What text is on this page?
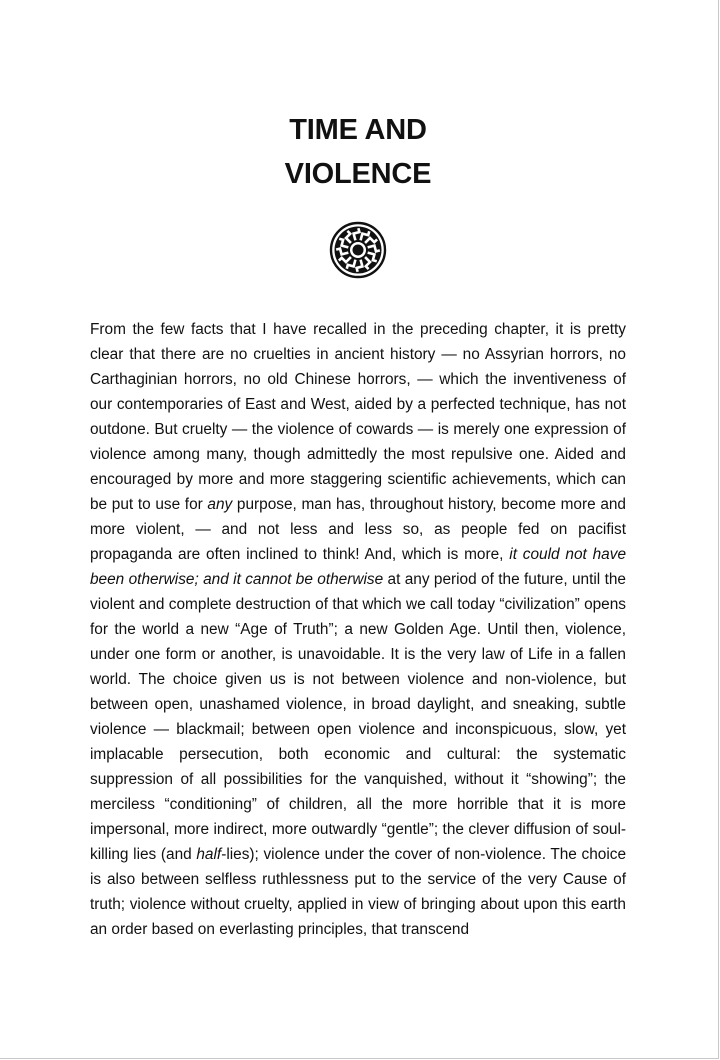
TIME AND
VIOLENCE

From the few facts that I have recalled in the preceding chapter, it is pretty clear that there are no cruelties in ancient history — no Assyrian horrors, no Carthaginian horrors, no old Chinese horrors, — which the inventiveness of our contemporaries of East and West, aided by a perfected technique, has not outdone. But cruelty — the violence of cowards — is merely one expression of violence among many, though admittedly the most repulsive one. Aided and encouraged by more and more staggering scientific achievements, which can be put to use for any purpose, man has, throughout history, become more and more violent, — and not less and less so, as people fed on pacifist propaganda are often inclined to think! And, which is more, it could not have been otherwise; and it cannot be otherwise at any period of the future, until the violent and complete destruction of that which we call today “civilization” opens for the world a new “Age of Truth”; a new Golden Age. Until then, violence, under one form or another, is unavoidable. It is the very law of Life in a fallen world. The choice given us is not between violence and non-violence, but between open, unashamed violence, in broad daylight, and sneaking, subtle violence — blackmail; between open violence and inconspicuous, slow, yet implacable persecution, both economic and cultural: the systematic suppression of all possibilities for the vanquished, without it “showing”; the merciless “conditioning” of children, all the more horrible that it is more impersonal, more indirect, more outwardly “gentle”; the clever diffusion of soul-killing lies (and half-lies); violence under the cover of non-violence. The choice is also between selfless ruthlessness put to the service of the very Cause of truth; violence without cruelty, applied in view of bringing about upon this earth an order based on everlasting principles, that transcend
